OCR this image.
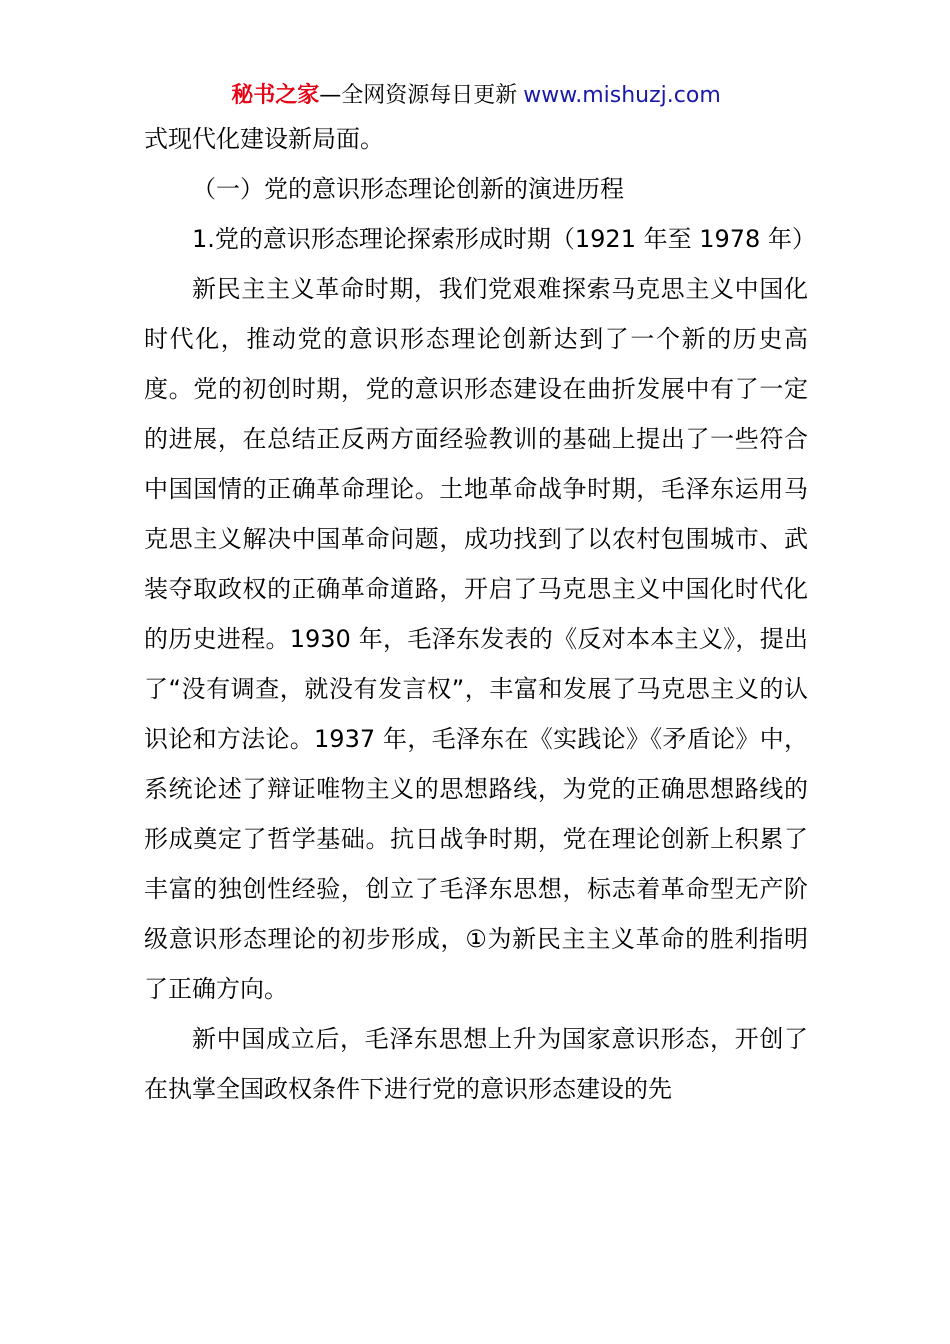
秘书之家—全网资源每日更新 www.mishuzj.com

式现代化建设新局面。

（一）党的意识形态理论创新的演进历程

1.党的意识形态理论探索形成时期（1921 年至 1978 年）

新民主主义革命时期，我们党艰难探索马克思主义中国化时代化，推动党的意识形态理论创新达到了一个新的历史高度。党的初创时期，党的意识形态建设在曲折发展中有了一定的进展，在总结正反两方面经验教训的基础上提出了一些符合中国国情的正确革命理论。土地革命战争时期，毛泽东运用马克思主义解决中国革命问题，成功找到了以农村包围城市、武装夺取政权的正确革命道路，开启了马克思主义中国化时代化的历史进程。1930 年，毛泽东发表的《反对本本主义》，提出了“没有调查，就没有发言权”，丰富和发展了马克思主义的认识论和方法论。1937 年，毛泽东在《实践论》《矛盾论》中，系统论述了辩证唯物主义的思想路线，为党的正确思想路线的形成奠定了哲学基础。抗日战争时期，党在理论创新上积累了丰富的独创性经验，创立了毛泽东思想，标志着革命型无产阶级意识形态理论的初步形成，①为新民主主义革命的胜利指明了正确方向。

新中国成立后，毛泽东思想上升为国家意识形态，开创了在执掌全国政权条件下进行党的意识形态建设的先
